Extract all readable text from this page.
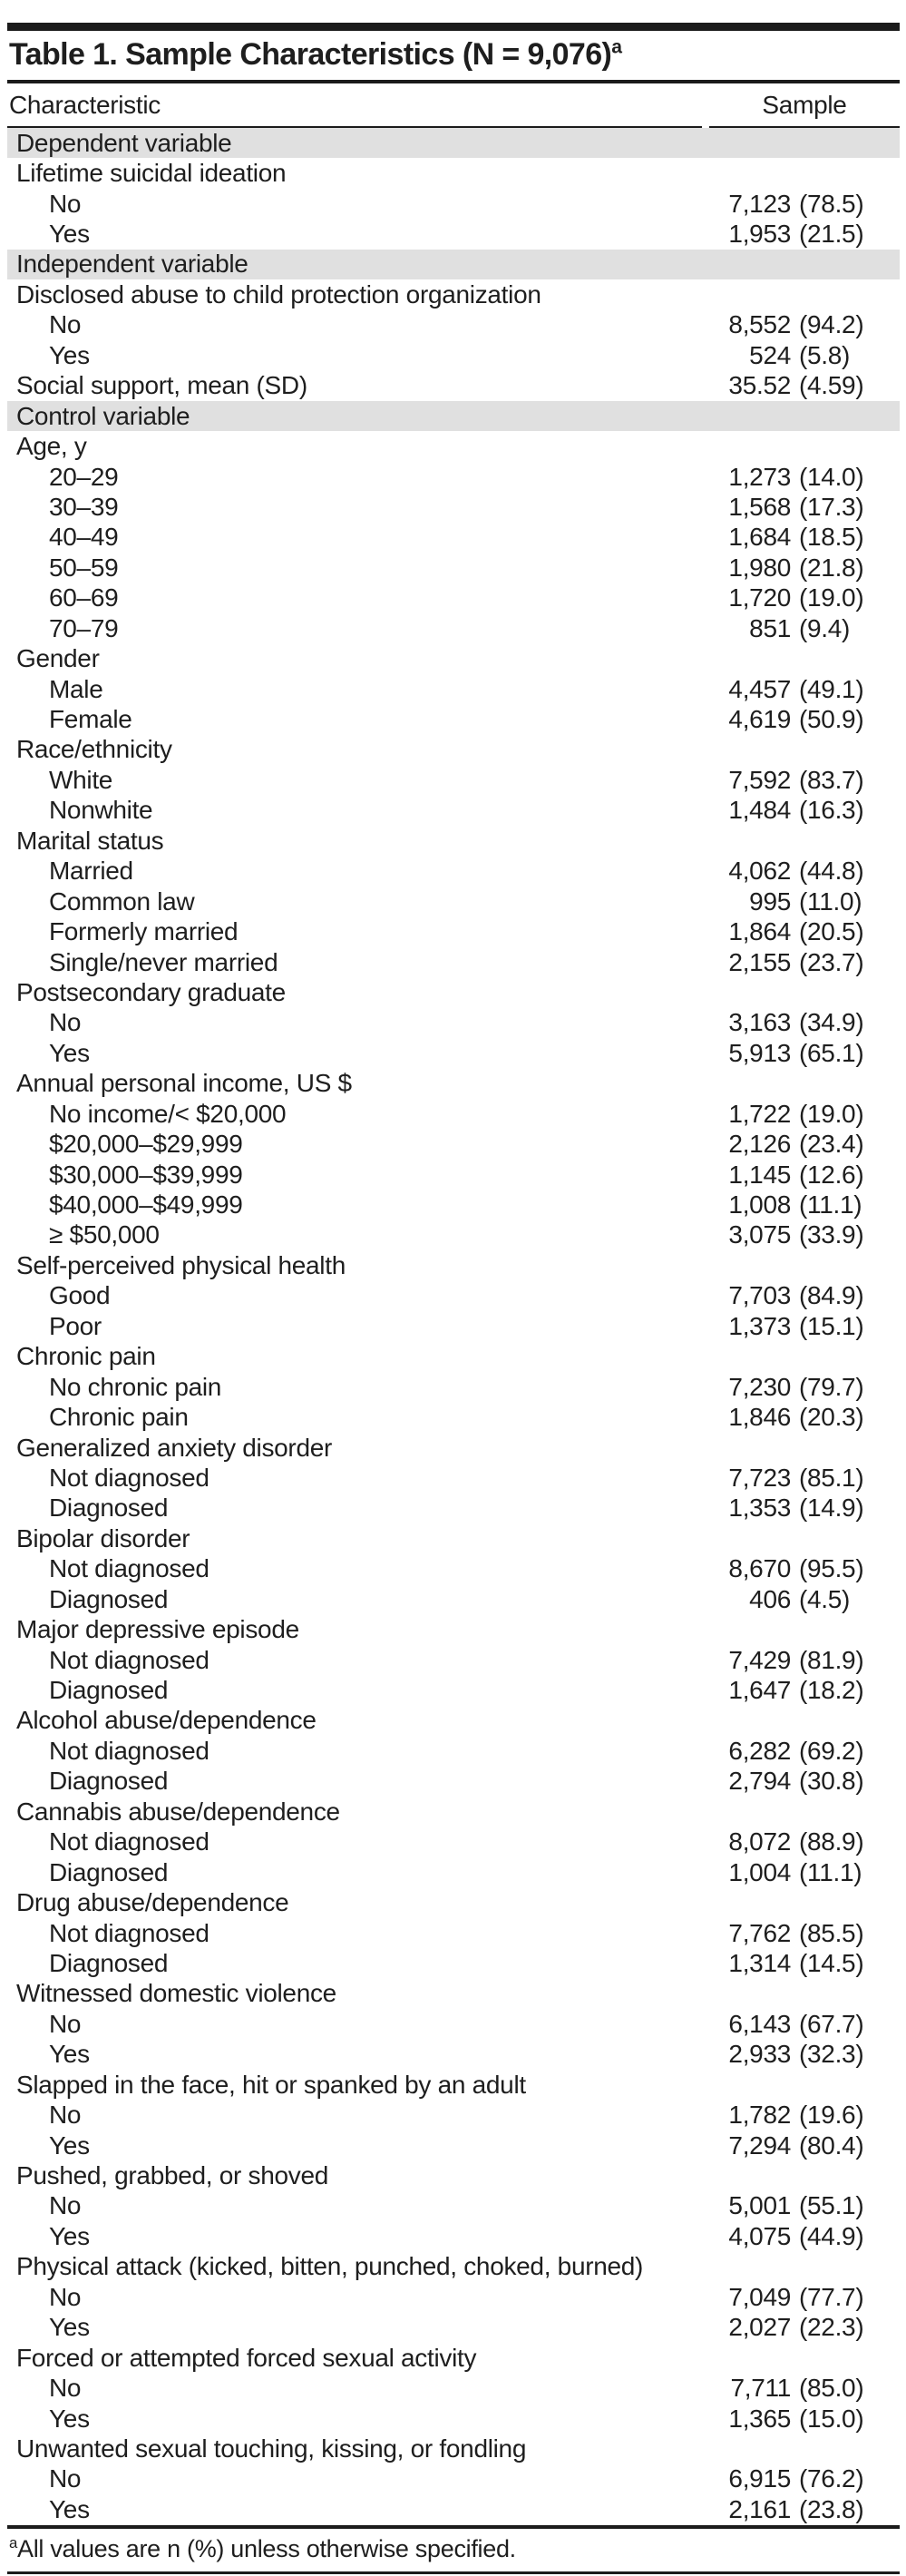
Table 1. Sample Characteristics (N = 9,076)$^a$
Characteristic	Sample
Dependent variable
Lifetime suicidal ideation
No	7,123 (78.5)
Yes	1,953 (21.5)
Independent variable
Disclosed abuse to child protection organization
No	8,552 (94.2)
Yes	524 (5.8)
Social support, mean (SD)	35.52 (4.59)
Control variable
Age, y
20–29	1,273 (14.0)
30–39	1,568 (17.3)
40–49	1,684 (18.5)
50–59	1,980 (21.8)
60–69	1,720 (19.0)
70–79	851 (9.4)
Gender
Male	4,457 (49.1)
Female	4,619 (50.9)
Race/ethnicity
White	7,592 (83.7)
Nonwhite	1,484 (16.3)
Marital status
Married	4,062 (44.8)
Common law	995 (11.0)
Formerly married	1,864 (20.5)
Single/never married	2,155 (23.7)
Postsecondary graduate
No	3,163 (34.9)
Yes	5,913 (65.1)
Annual personal income, US $
No income/< $20,000	1,722 (19.0)
$20,000–$29,999	2,126 (23.4)
$30,000–$39,999	1,145 (12.6)
$40,000–$49,999	1,008 (11.1)
≥ $50,000	3,075 (33.9)
Self-perceived physical health
Good	7,703 (84.9)
Poor	1,373 (15.1)
Chronic pain
No chronic pain	7,230 (79.7)
Chronic pain	1,846 (20.3)
Generalized anxiety disorder
Not diagnosed	7,723 (85.1)
Diagnosed	1,353 (14.9)
Bipolar disorder
Not diagnosed	8,670 (95.5)
Diagnosed	406 (4.5)
Major depressive episode
Not diagnosed	7,429 (81.9)
Diagnosed	1,647 (18.2)
Alcohol abuse/dependence
Not diagnosed	6,282 (69.2)
Diagnosed	2,794 (30.8)
Cannabis abuse/dependence
Not diagnosed	8,072 (88.9)
Diagnosed	1,004 (11.1)
Drug abuse/dependence
Not diagnosed	7,762 (85.5)
Diagnosed	1,314 (14.5)
Witnessed domestic violence
No	6,143 (67.7)
Yes	2,933 (32.3)
Slapped in the face, hit or spanked by an adult
No	1,782 (19.6)
Yes	7,294 (80.4)
Pushed, grabbed, or shoved
No	5,001 (55.1)
Yes	4,075 (44.9)
Physical attack (kicked, bitten, punched, choked, burned)
No	7,049 (77.7)
Yes	2,027 (22.3)
Forced or attempted forced sexual activity
No	7,711 (85.0)
Yes	1,365 (15.0)
Unwanted sexual touching, kissing, or fondling
No	6,915 (76.2)
Yes	2,161 (23.8)
$^a$All values are n (%) unless otherwise specified.
